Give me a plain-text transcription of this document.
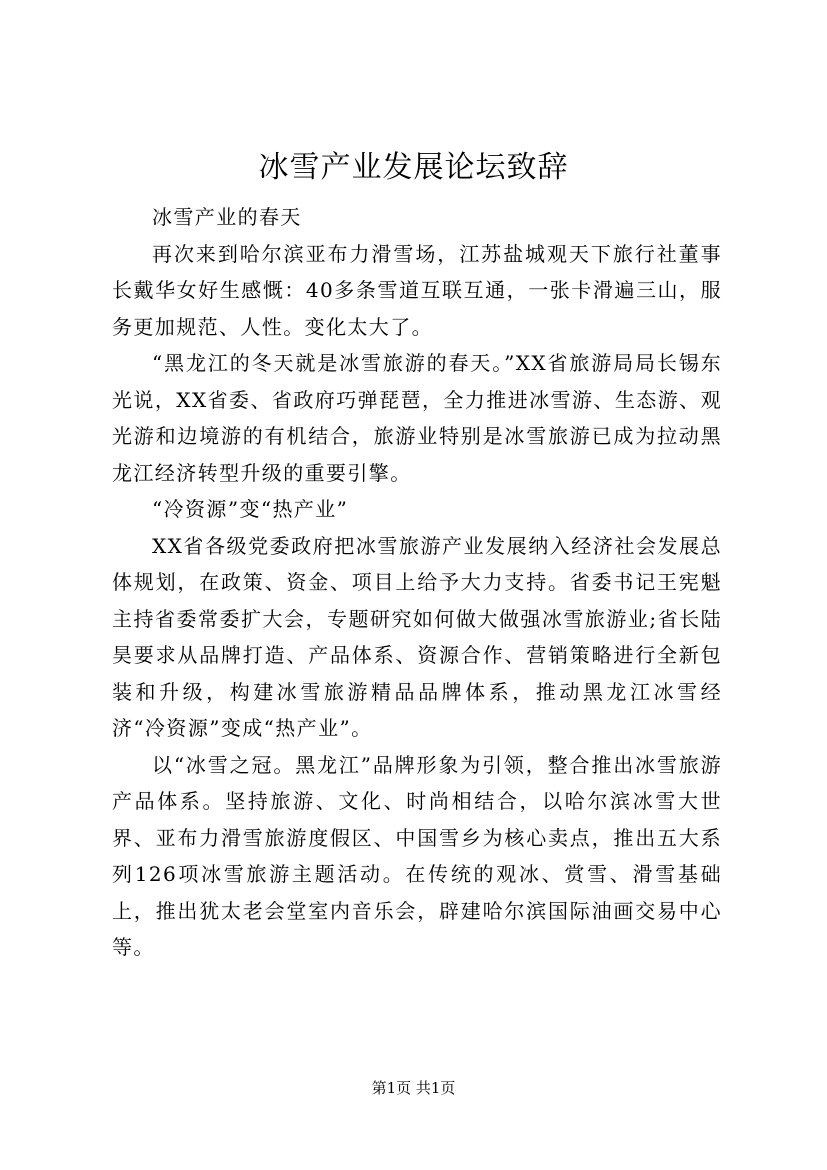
冰雪产业发展论坛致辞

冰雪产业的春天

再次来到哈尔滨亚布力滑雪场，江苏盐城观天下旅行社董事长戴华女好生感慨：40多条雪道互联互通，一张卡滑遍三山，服务更加规范、人性。变化太大了。

“黑龙江的冬天就是冰雪旅游的春天。”XX省旅游局局长锡东光说，XX省委、省政府巧弹琵琶，全力推进冰雪游、生态游、观光游和边境游的有机结合，旅游业特别是冰雪旅游已成为拉动黑龙江经济转型升级的重要引擎。

“冷资源”变“热产业”

XX省各级党委政府把冰雪旅游产业发展纳入经济社会发展总体规划，在政策、资金、项目上给予大力支持。省委书记王宪魁主持省委常委扩大会，专题研究如何做大做强冰雪旅游业;省长陆昊要求从品牌打造、产品体系、资源合作、营销策略进行全新包装和升级，构建冰雪旅游精品品牌体系，推动黑龙江冰雪经济“冷资源”变成“热产业”。

以“冰雪之冠。黑龙江”品牌形象为引领，整合推出冰雪旅游产品体系。坚持旅游、文化、时尚相结合，以哈尔滨冰雪大世界、亚布力滑雪旅游度假区、中国雪乡为核心卖点，推出五大系列126项冰雪旅游主题活动。在传统的观冰、赏雪、滑雪基础上，推出犹太老会堂室内音乐会，辟建哈尔滨国际油画交易中心等。

第1页 共1页
